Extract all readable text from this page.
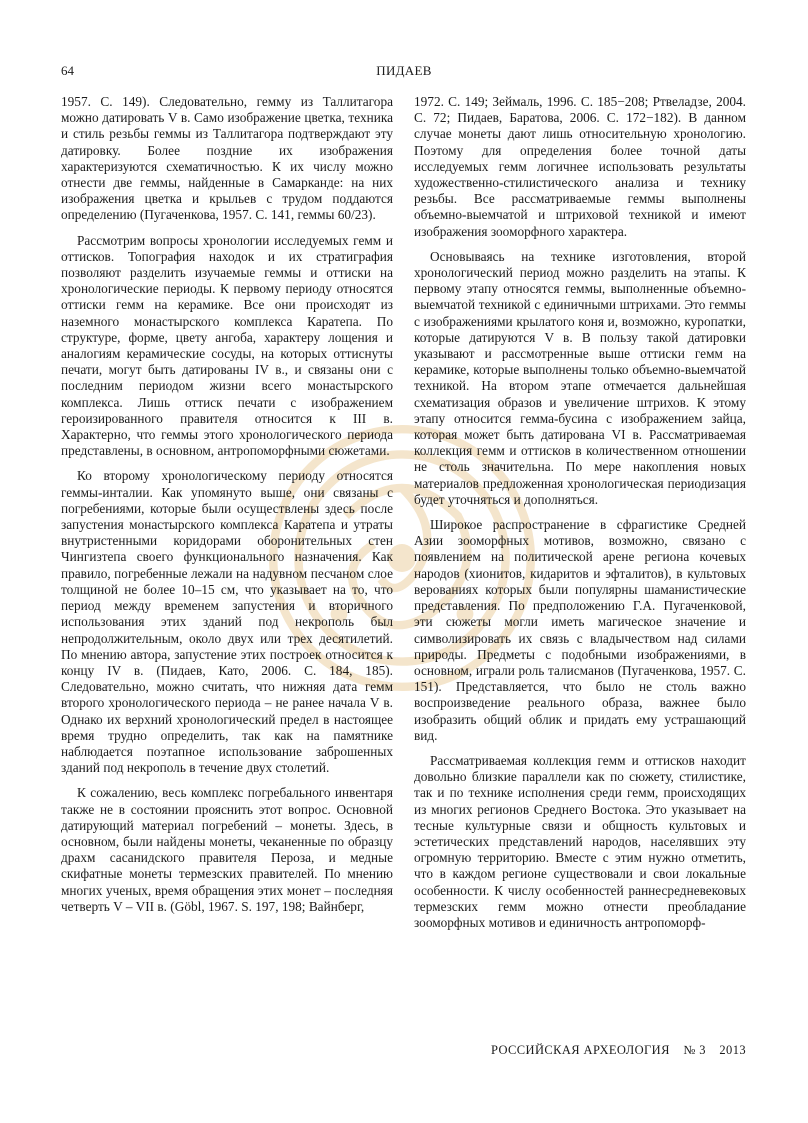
64	ПИДАЕВ

1957. С. 149). Следовательно, гемму из Таллитагора можно датировать V в. Само изображение цветка, техника и стиль резьбы геммы из Таллитагора подтверждают эту датировку. Более поздние их изображения характеризуются схематичностью. К их числу можно отнести две геммы, найденные в Самарканде: на них изображения цветка и крыльев с трудом поддаются определению (Пугаченкова, 1957. С. 141, геммы 60/23).

Рассмотрим вопросы хронологии исследуемых гемм и оттисков. Топография находок и их стратиграфия позволяют разделить изучаемые геммы и оттиски на хронологические периоды. К первому периоду относятся оттиски гемм на керамике. Все они происходят из наземного монастырского комплекса Каратепа. По структуре, форме, цвету ангоба, характеру лощения и аналогиям керамические сосуды, на которых оттиснуты печати, могут быть датированы IV в., и связаны они с последним периодом жизни всего монастырского комплекса. Лишь оттиск печати с изображением героизированного правителя относится к III в. Характерно, что геммы этого хронологического периода представлены, в основном, антропоморфными сюжетами.

Ко второму хронологическому периоду относятся геммы-инталии. Как упомянуто выше, они связаны с погребениями, которые были осуществлены здесь после запустения монастырского комплекса Каратепа и утраты внутристенными коридорами оборонительных стен Чингизтепа своего функционального назначения. Как правило, погребенные лежали на надувном песчаном слое толщиной не более 10–15 см, что указывает на то, что период между временем запустения и вторичного использования этих зданий под некрополь был непродолжительным, около двух или трех десятилетий. По мнению автора, запустение этих построек относится к концу IV в. (Пидаев, Като, 2006. С. 184, 185). Следовательно, можно считать, что нижняя дата гемм второго хронологического периода – не ранее начала V в. Однако их верхний хронологический предел в настоящее время трудно определить, так как на памятнике наблюдается поэтапное использование заброшенных зданий под некрополь в течение двух столетий.

К сожалению, весь комплекс погребального инвентаря также не в состоянии прояснить этот вопрос. Основной датирующий материал погребений – монеты. Здесь, в основном, были найдены монеты, чеканенные по образцу драхм сасанидского правителя Пероза, и медные скифатные монеты термезских правителей. По мнению многих ученых, время обращения этих монет – последняя четверть V – VII в. (Göbl, 1967. S. 197, 198; Вайнберг,

1972. С. 149; Зеймаль, 1996. С. 185−208; Ртвеладзе, 2004. С. 72; Пидаев, Баратова, 2006. С. 172−182). В данном случае монеты дают лишь относительную хронологию. Поэтому для определения более точной даты исследуемых гемм логичнее использовать результаты художественно-стилистического анализа и технику резьбы. Все рассматриваемые геммы выполнены объемно-выемчатой и штриховой техникой и имеют изображения зооморфного характера.

Основываясь на технике изготовления, второй хронологический период можно разделить на этапы. К первому этапу относятся геммы, выполненные объемно-выемчатой техникой с единичными штрихами. Это геммы с изображениями крылатого коня и, возможно, куропатки, которые датируются V в. В пользу такой датировки указывают и рассмотренные выше оттиски гемм на керамике, которые выполнены только объемно-выемчатой техникой. На втором этапе отмечается дальнейшая схематизация образов и увеличение штрихов. К этому этапу относится гемма-бусина с изображением зайца, которая может быть датирована VI в. Рассматриваемая коллекция гемм и оттисков в количественном отношении не столь значительна. По мере накопления новых материалов предложенная хронологическая периодизация будет уточняться и дополняться.

Широкое распространение в сфрагистике Средней Азии зооморфных мотивов, возможно, связано с появлением на политической арене региона кочевых народов (хионитов, кидаритов и эфталитов), в культовых верованиях которых были популярны шаманистические представления. По предположению Г.А. Пугаченковой, эти сюжеты могли иметь магическое значение и символизировать их связь с владычеством над силами природы. Предметы с подобными изображениями, в основном, играли роль талисманов (Пугаченкова, 1957. С. 151). Представляется, что было не столь важно воспроизведение реального образа, важнее было изобразить общий облик и придать ему устрашающий вид.

Рассматриваемая коллекция гемм и оттисков находит довольно близкие параллели как по сюжету, стилистике, так и по технике исполнения среди гемм, происходящих из многих регионов Среднего Востока. Это указывает на тесные культурные связи и общность культовых и эстетических представлений народов, населявших эту огромную территорию. Вместе с этим нужно отметить, что в каждом регионе существовали и свои локальные особенности. К числу особенностей раннесредневековых термезских гемм можно отнести преобладание зооморфных мотивов и единичность антропоморф-

РОССИЙСКАЯ АРХЕОЛОГИЯ № 3 2013
